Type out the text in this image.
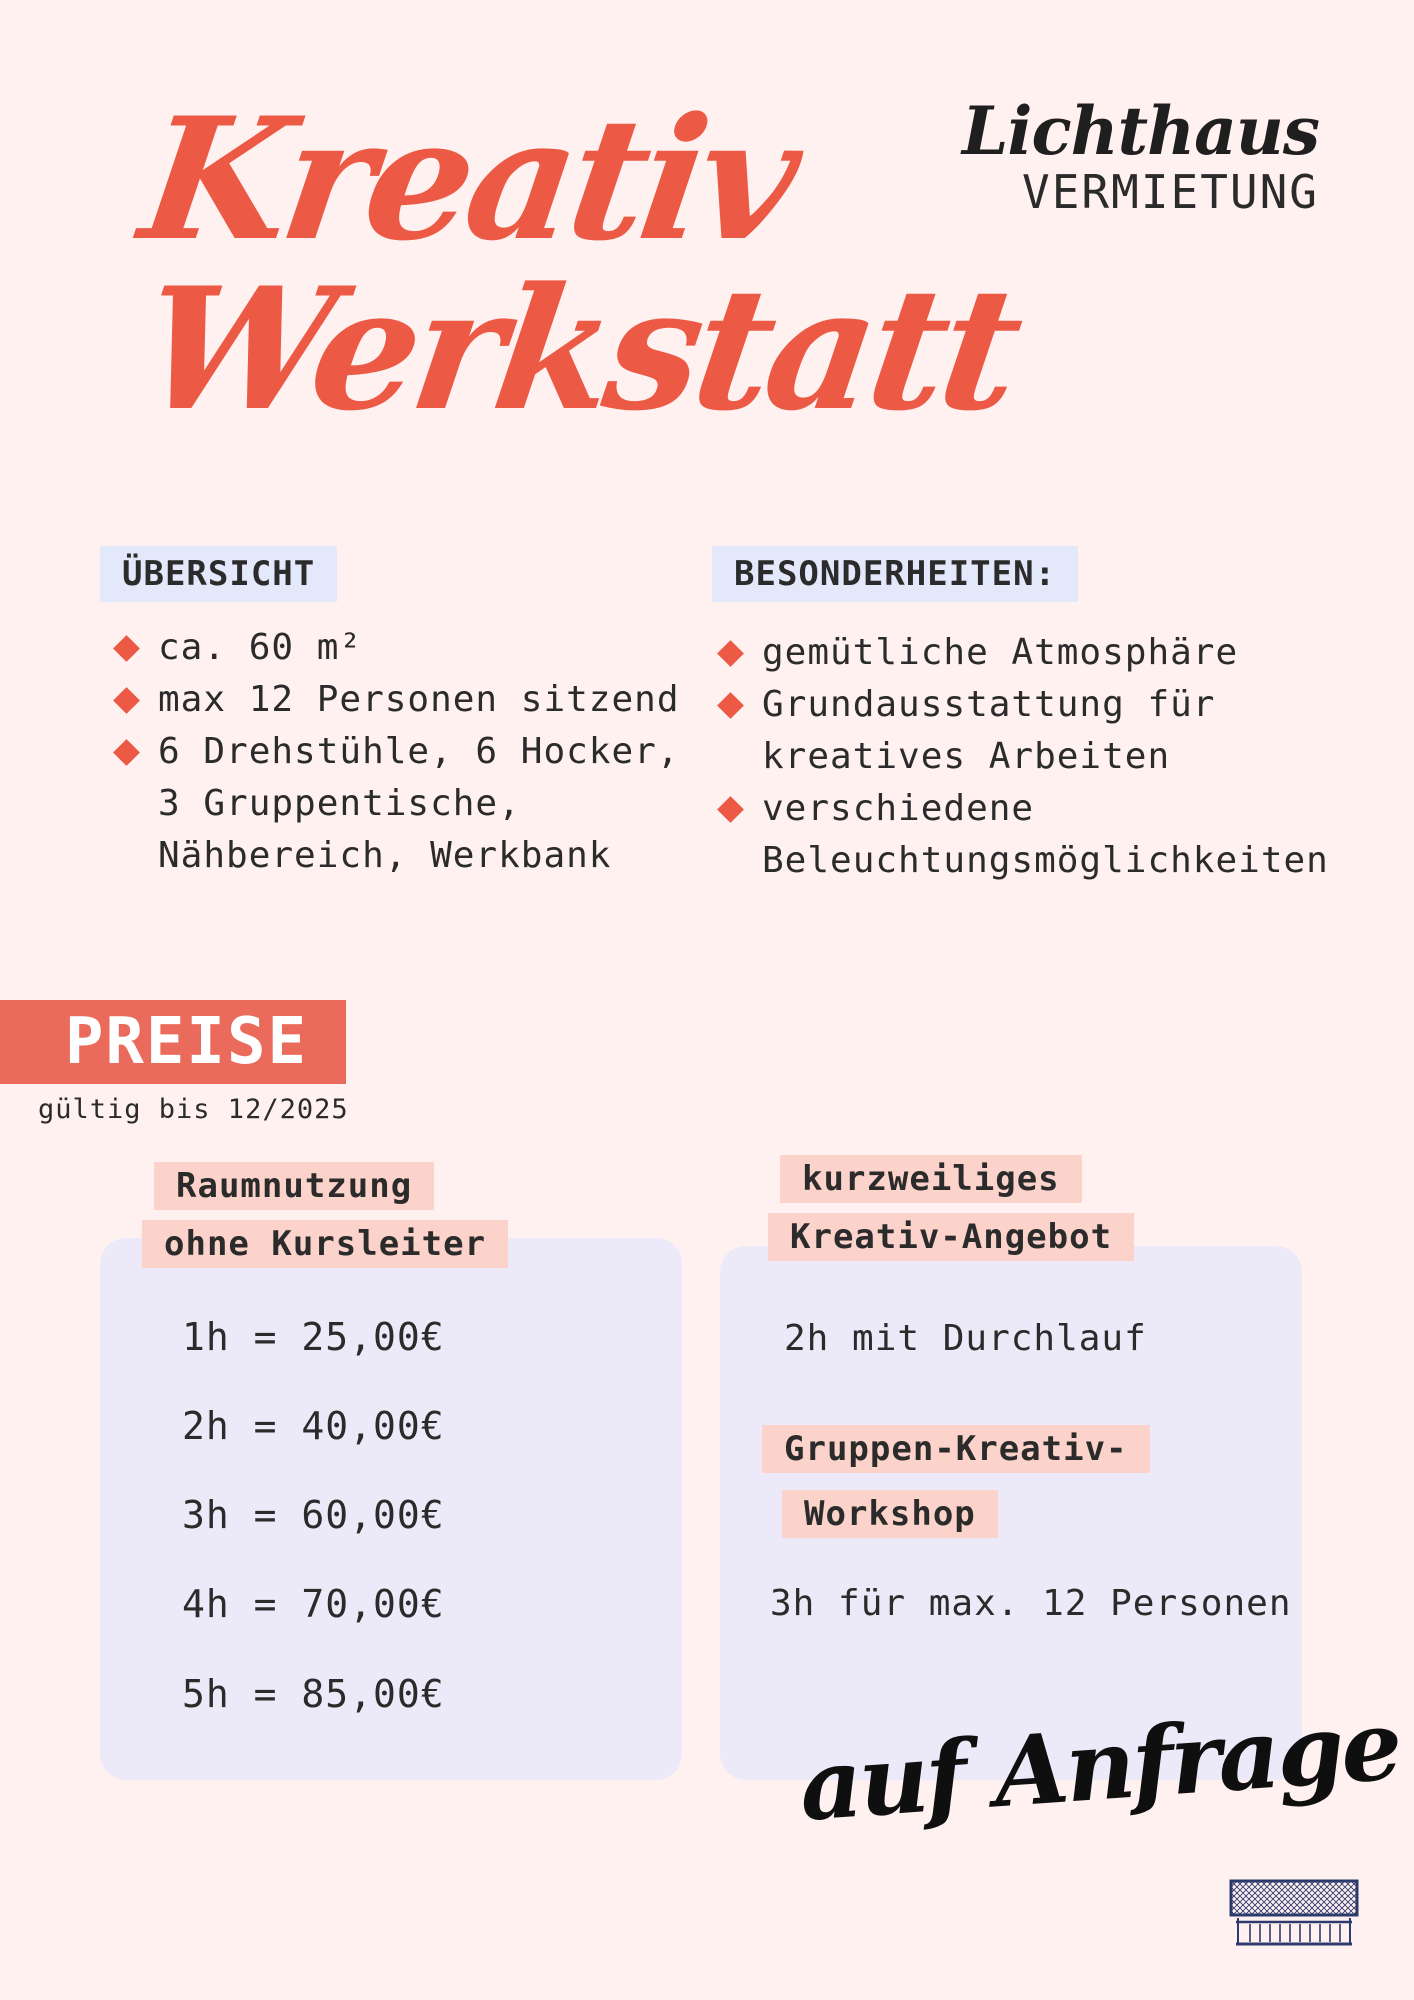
Kreativ
Werkstatt
Lichthaus
VERMIETUNG
ÜBERSICHT	BESONDERHEITEN:
ca. 60 m²
max 12 Personen sitzend
6 Drehstühle, 6 Hocker,
3 Gruppentische,
Nähbereich, Werkbank
gemütliche Atmosphäre
Grundausstattung für
kreatives Arbeiten
verschiedene
Beleuchtungsmöglichkeiten
PREISE
gültig bis 12/2025
Raumnutzung
ohne Kursleiter
1h = 25,00€
2h = 40,00€
3h = 60,00€
4h = 70,00€
5h = 85,00€
kurzweiliges
Kreativ-Angebot
2h mit Durchlauf
Gruppen-Kreativ-
Workshop
3h für max. 12 Personen
auf Anfrage
